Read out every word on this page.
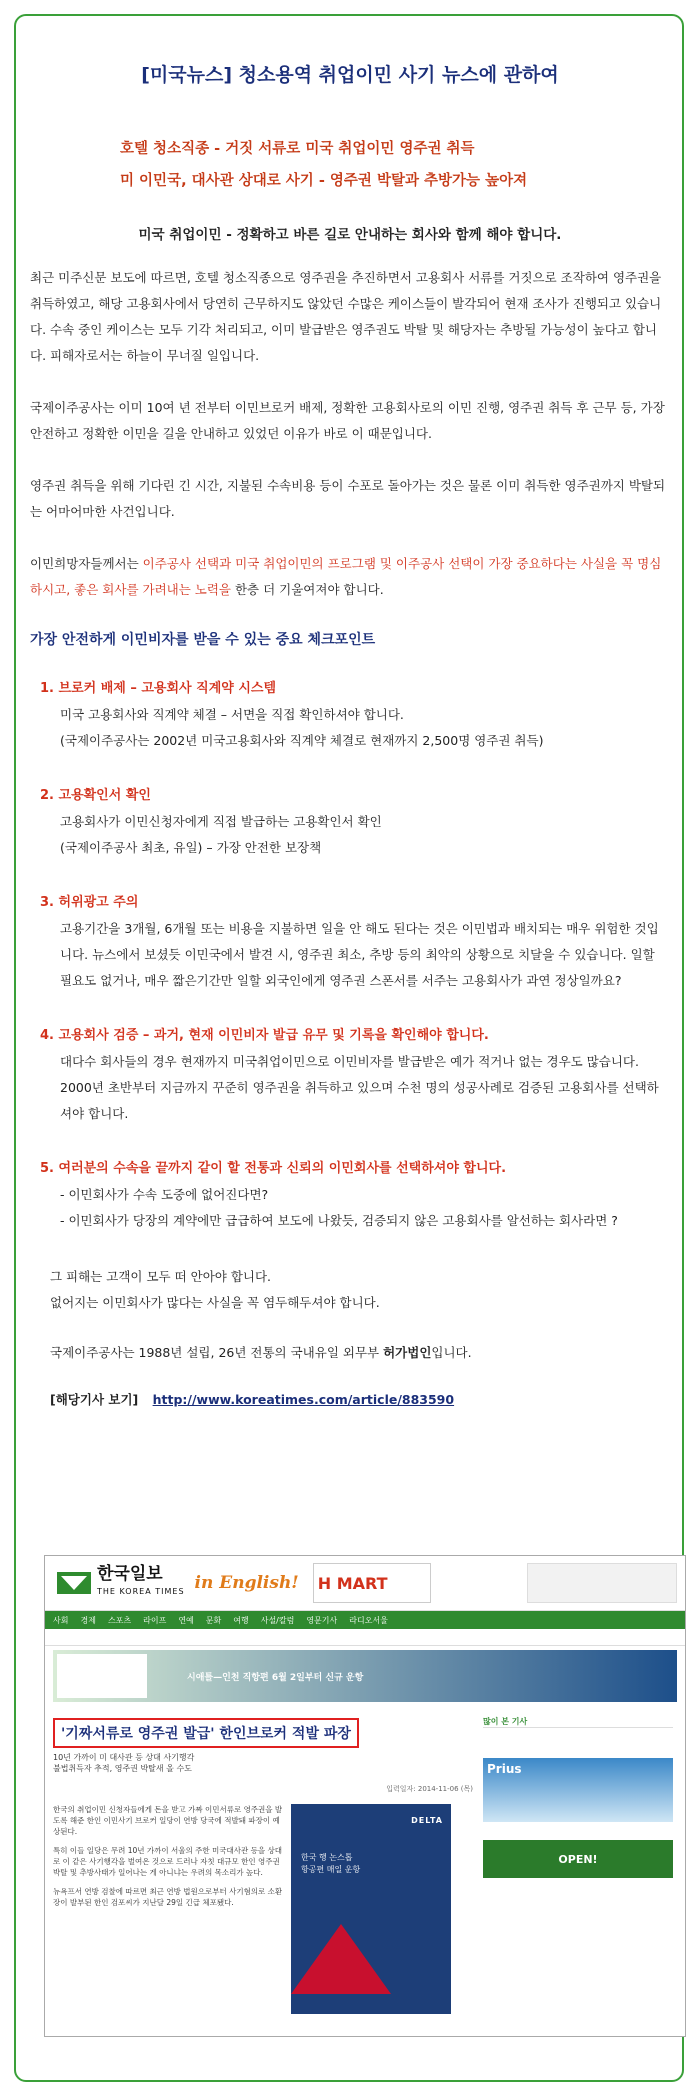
[미국뉴스] 청소용역 취업이민 사기 뉴스에 관하여
호텔 청소직종 - 거짓 서류로 미국 취업이민 영주권 취득
미 이민국, 대사관 상대로 사기 - 영주권 박탈과 추방가능 높아져
미국 취업이민 - 정확하고 바른 길로 안내하는 회사와 함께 해야 합니다.

최근 미주신문 보도에 따르면, 호텔 청소직종으로 영주권을 추진하면서 고용회사 서류를 거짓으로 조작하여 영주권을 취득하였고, 해당 고용회사에서 당연히 근무하지도 않았던 수많은 케이스들이 발각되어 현재 조사가 진행되고 있습니다. 수속 중인 케이스는 모두 기각 처리되고, 이미 발급받은 영주권도 박탈 및 해당자는 추방될 가능성이 높다고 합니다. 피해자로서는 하늘이 무너질 일입니다.

국제이주공사는 이미 10여 년 전부터 이민브로커 배제, 정확한 고용회사로의 이민 진행, 영주권 취득 후 근무 등, 가장 안전하고 정확한 이민을 길을 안내하고 있었던 이유가 바로 이 때문입니다.

영주권 취득을 위해 기다린 긴 시간, 지불된 수속비용 등이 수포로 돌아가는 것은 물론 이미 취득한 영주권까지 박탈되는 어마어마한 사건입니다.

이민희망자들께서는 이주공사 선택과 미국 취업이민의 프로그램 및 이주공사 선택이 가장 중요하다는 사실을 꼭 명심하시고, 좋은 회사를 가려내는 노력을 한층 더 기울여져야 합니다.

가장 안전하게 이민비자를 받을 수 있는 중요 체크포인트
1. 브로커 배제 – 고용회사 직계약 시스템
미국 고용회사와 직계약 체결 – 서면을 직접 확인하셔야 합니다.
(국제이주공사는 2002년 미국고용회사와 직계약 체결로 현재까지 2,500명 영주권 취득)
2. 고용확인서 확인
고용회사가 이민신청자에게 직접 발급하는 고용확인서 확인
(국제이주공사 최초, 유일) – 가장 안전한 보장책
3. 허위광고 주의
고용기간을 3개월, 6개월 또는 비용을 지불하면 일을 안 해도 된다는 것은 이민법과 배치되는 매우 위험한 것입니다. 뉴스에서 보셨듯 이민국에서 발견 시, 영주권 최소, 추방 등의 최악의 상황으로 치달을 수 있습니다. 일할 필요도 없거나, 매우 짧은기간만 일할 외국인에게 영주권 스폰서를 서주는 고용회사가 과연 정상일까요?
4. 고용회사 검증 – 과거, 현재 이민비자 발급 유무 및 기록을 확인해야 합니다.
대다수 회사들의 경우 현재까지 미국취업이민으로 이민비자를 발급받은 예가 적거나 없는 경우도 많습니다. 2000년 초반부터 지금까지 꾸준히 영주권을 취득하고 있으며 수천 명의 성공사례로 검증된 고용회사를 선택하셔야 합니다.
5. 여러분의 수속을 끝까지 같이 할 전통과 신뢰의 이민회사를 선택하셔야 합니다.
- 이민회사가 수속 도중에 없어진다면?
- 이민회사가 당장의 계약에만 급급하여 보도에 나왔듯, 검증되지 않은 고용회사를 알선하는 회사라면 ?
그 피해는 고객이 모두 떠 안아야 합니다.
없어지는 이민회사가 많다는 사실을 꼭 염두해두셔야 합니다.
국제이주공사는 1988년 설립, 26년 전통의 국내유일 외무부 허가법인입니다.
[해당기사 보기] http://www.koreatimes.com/article/883590
한국일보
THE KOREA TIMES in English! H MART
사회 경제 스포츠 라이프 연예 문화 여행 사설/칼럼 영문기사 라디오서울
시애틀—인천 직항편 6월 2일부터 신규 운항
'기짜서류로 영주권 발급' 한인브로커 적발 파장
10년 가까이 미 대사관 등 상대 사기행각
불법취득자 추적, 영주권 박탈새 올 수도
입력일자: 2014-11-06 (목)

한국의 취업이민 신청자들에게 돈을 받고 가짜 이민서류로 영주권을 발도록 해준 한인 이민사기 브로커 일당이 연방 당국에 적발돼 파장이 예상된다.

특히 이들 일당은 무려 10년 가까이 서울의 주한 미국대사관 등을 상대로 이 같은 사기행각을 벌여온 것으로 드러나 자칫 대규모 한인 영주권 박탈 및 추방사태가 일어나는 게 아니냐는 우려의 목소리가 높다.

뉴욕프서 연방 검찰에 따르면 최근 연방 법원으로부터 사기혐의로 소환장이 발부된 한인 검포씨가 지난달 29일 긴급 체포됐다.

DELTA
한국 행 논스톱
항공편 매일 운항
많이 본 기사
Prius
OPEN!
